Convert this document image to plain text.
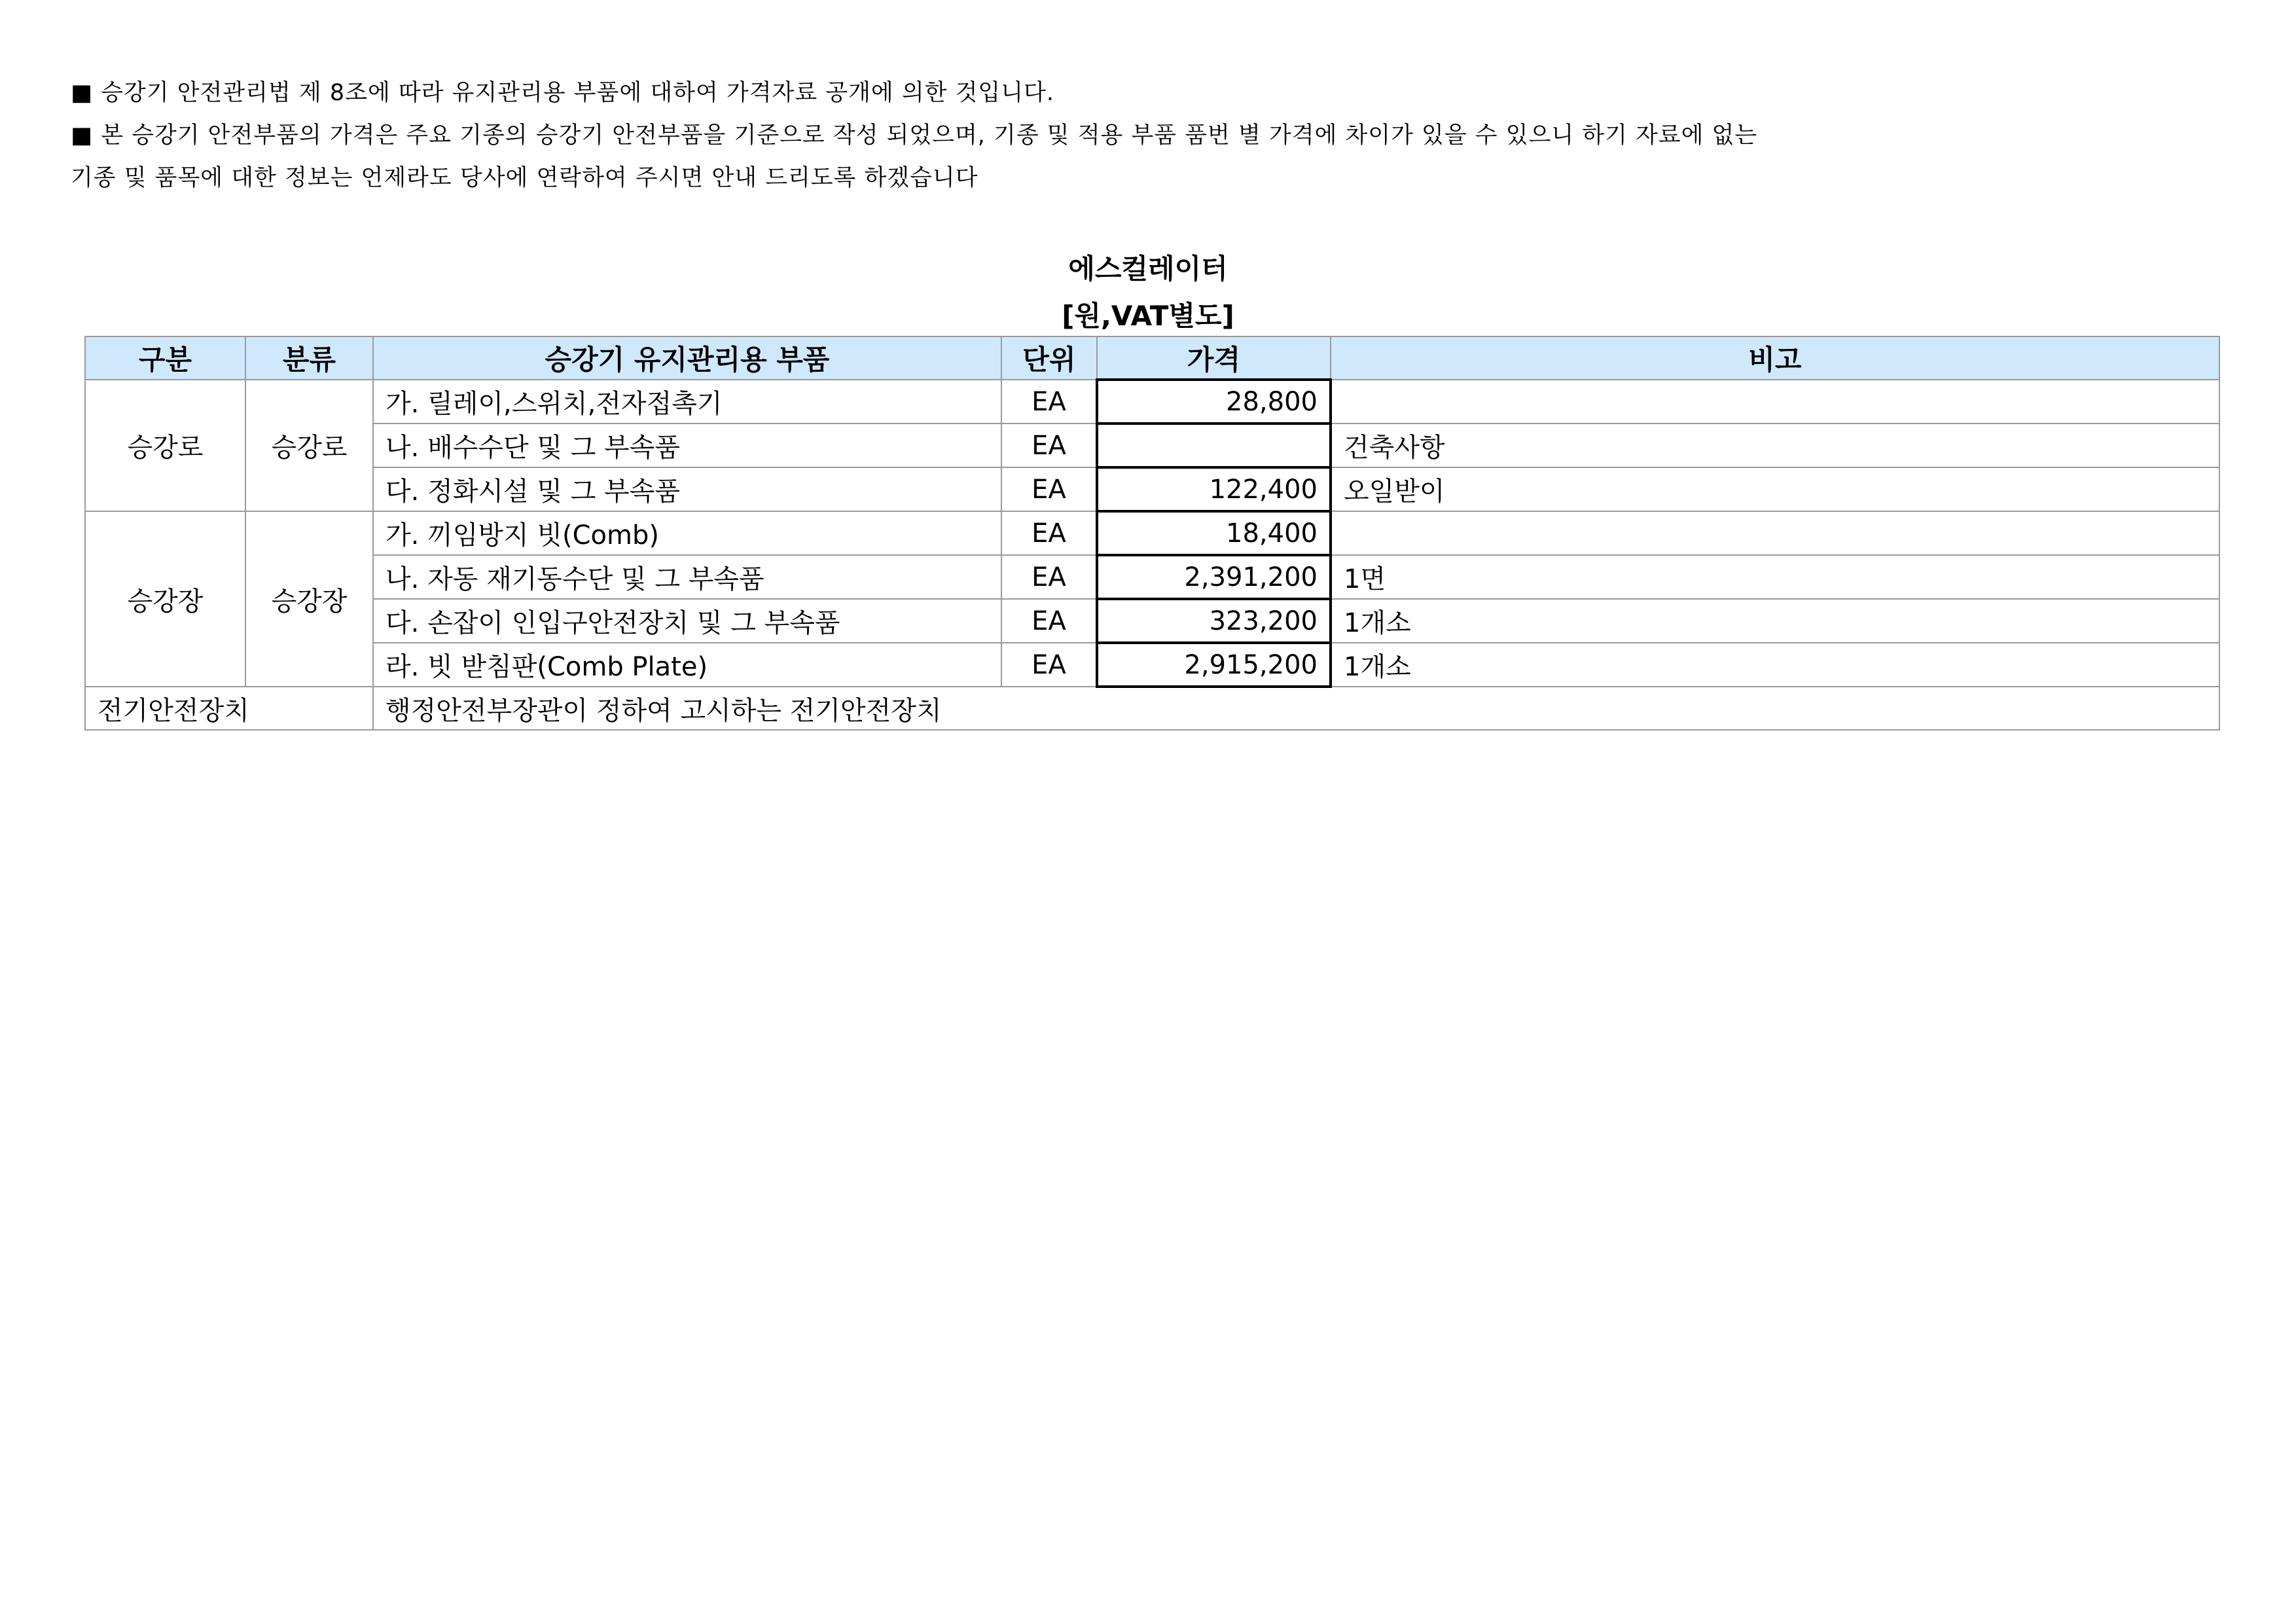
■ 승강기 안전관리법 제 8조에 따라 유지관리용 부품에 대하여 가격자료 공개에 의한 것입니다.

■ 본 승강기 안전부품의 가격은 주요 기종의 승강기 안전부품을 기준으로 작성 되었으며, 기종 및 적용 부품 품번 별 가격에 차이가 있을 수 있으니 하기 자료에 없는

기종 및 품목에 대한 정보는 언제라도 당사에 연락하여 주시면 안내 드리도록 하겠습니다

에스컬레이터
[원,VAT별도]
구분	분류	승강기 유지관리용 부품	단위	가격	비고
승강로	승강로	가. 릴레이,스위치,전자접촉기	EA	28,800	
		나. 배수수단 및 그 부속품	EA		건축사항
		다. 정화시설 및 그 부속품	EA	122,400	오일받이
승강장	승강장	가. 끼임방지 빗(Comb)	EA	18,400	
		나. 자동 재기동수단 및 그 부속품	EA	2,391,200	1면
		다. 손잡이 인입구안전장치 및 그 부속품	EA	323,200	1개소
		라. 빗 받침판(Comb Plate)	EA	2,915,200	1개소
전기안전장치		행정안전부장관이 정하여 고시하는 전기안전장치			
